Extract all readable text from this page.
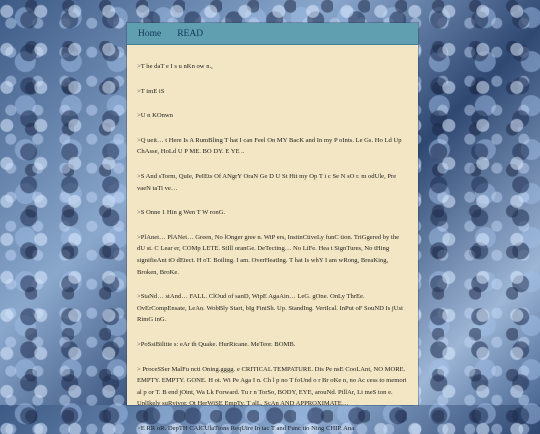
Home READ

>T he daT e I s u nKn ow n.,

>T imE iS

>U n KOnwn

>Q ueit… t Here Is A RumBling T hat I can Feel On MY BacK and In my P oInts. Le Gs. Ho Ld Up ChAsse, HoLd U P ME. BO DY. E YE ..

>S And sTorm, QuIe, PeIEts Of ANgrY OraN Ge D U St Hit my Op T i c Se N sO r. m odUle, Pre vaeN taTi ve…

>S Onne 1 Hin g Wen T W ronG.

>PlAnet… PlANet… Green, No lOnger gree n. WiP ers, InstinCtiveLy funC tion. TriGgered by the dU st. C Lear er, COMp LETE. StIll oranGe. DeTecting… No LiFe. Hea t SignTures, No tHing signifieAnt tO dEtect. H oT. Boiling. I am. OverHeatIng. T hat Is whY I am wRong, BreaKing, Broken, BroKe.

>StaNd… stAnd… FALL. ClOud of sanD, WipE AgaAin… LeG. gOne. OnLy ThrEe. OvErCompEnsate, LeAn. WobBly Start, bIg FiniSh. Up. StandIng. VertIcal. InPut oF SouND Is jUst RimG inG.

>PoSsiBilitie s: eAr th Quake. HurRicane. MeTeor. BOMB.

> ProceSSer MalFu ncti Oning.gggg. e CRITICAL TEMPATURE. Dis Pe nsE CooLAnt, NO MORE. EMPTY. EMPTY. GONE. H ot. Wi Pe Aga I n. Ch l p no T foUnd o r Br oKe n, no Ac cess to memori al p or T. B end jOint, Wa Lk Forward. Tu r n TorSo, BODY, EYE, arouNd. PillAr, Li meS ton e. UnlIkely suRvivor. Ot HerWiSE EmpTy. T alL, ScAn AND APPROXIMATE…

>E RR oR. DepTH CAlCUlaTions ReqUire In tac T and Func tio Ning CHIP. Ana
